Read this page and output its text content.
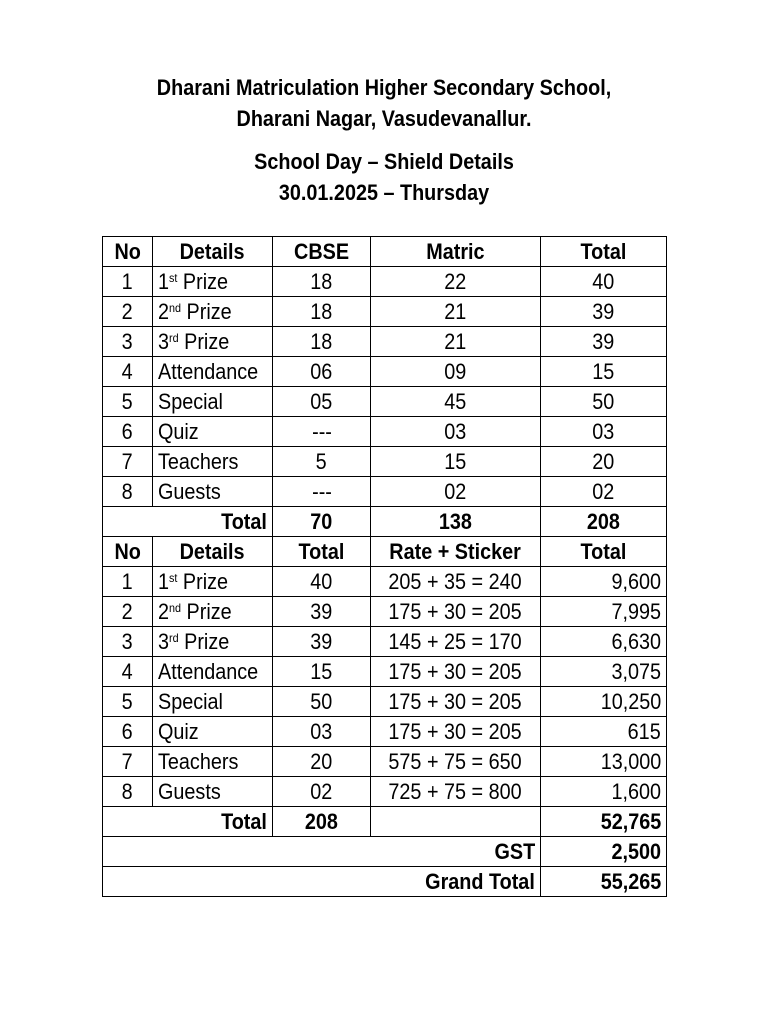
Dharani Matriculation Higher Secondary School,
Dharani Nagar, Vasudevanallur.
School Day – Shield Details
30.01.2025 – Thursday
No	Details	CBSE	Matric	Total
1	1st Prize	18	22	40
2	2nd Prize	18	21	39
3	3rd Prize	18	21	39
4	Attendance	06	09	15
5	Special	05	45	50
6	Quiz	---	03	03
7	Teachers	5	15	20
8	Guests	---	02	02
Total		70	138	208
No	Details	Total	Rate + Sticker	Total
1	1st Prize	40	205 + 35 = 240	9,600
2	2nd Prize	39	175 + 30 = 205	7,995
3	3rd Prize	39	145 + 25 = 170	6,630
4	Attendance	15	175 + 30 = 205	3,075
5	Special	50	175 + 30 = 205	10,250
6	Quiz	03	175 + 30 = 205	615
7	Teachers	20	575 + 75 = 650	13,000
8	Guests	02	725 + 75 = 800	1,600
Total		208		52,765
GST				2,500
Grand Total				55,265
